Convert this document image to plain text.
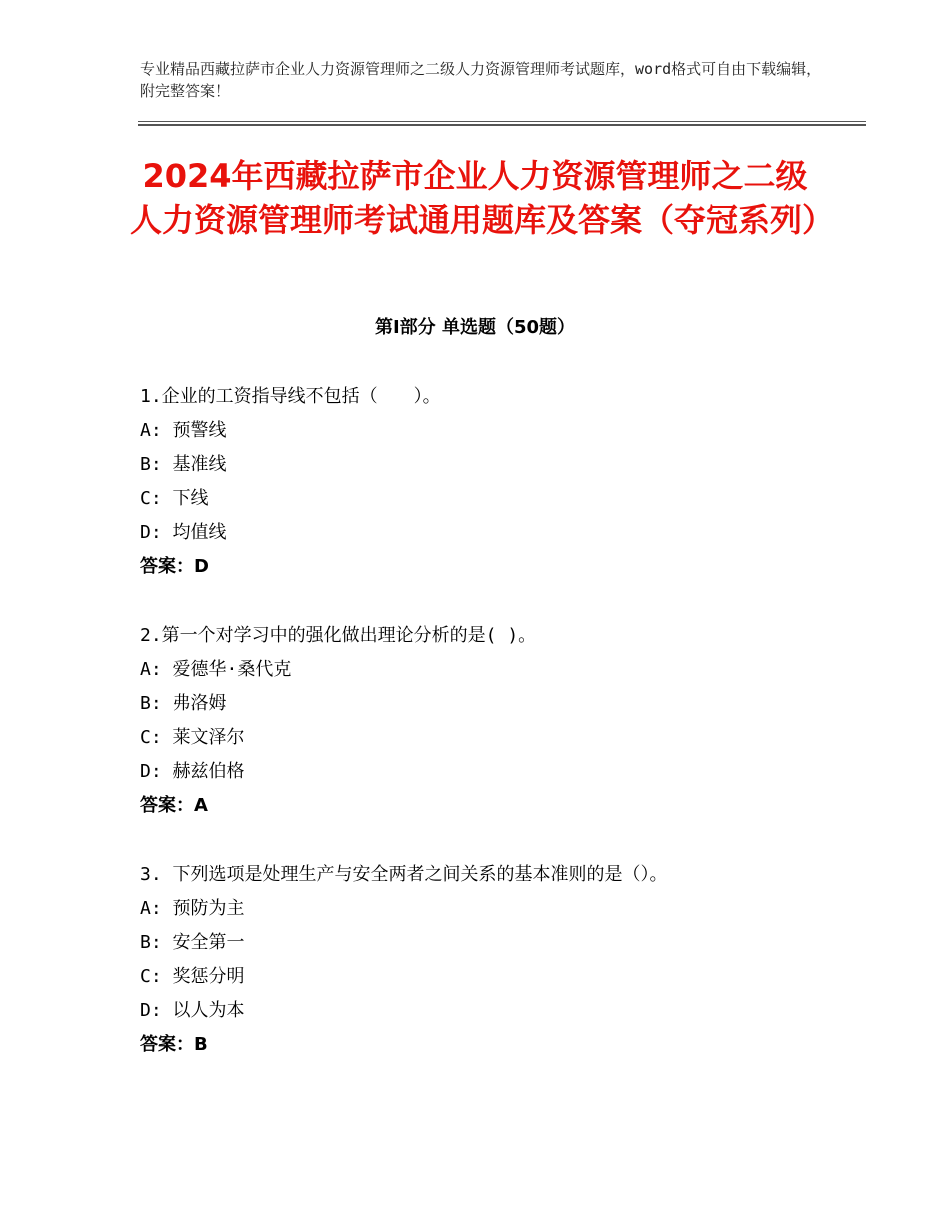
专业精品西藏拉萨市企业人力资源管理师之二级人力资源管理师考试题库，word格式可自由下载编辑，附完整答案！
2024年西藏拉萨市企业人力资源管理师之二级人力资源管理师考试通用题库及答案（夺冠系列）
第Ⅰ部分 单选题（50题）
1.企业的工资指导线不包括（　　）。
A: 预警线
B: 基准线
C: 下线
D: 均值线
答案：D
2.第一个对学习中的强化做出理论分析的是( )。
A: 爱德华·桑代克
B: 弗洛姆
C: 莱文泽尔
D: 赫兹伯格
答案：A
3. 下列选项是处理生产与安全两者之间关系的基本准则的是（）。
A: 预防为主
B: 安全第一
C: 奖惩分明
D: 以人为本
答案：B
